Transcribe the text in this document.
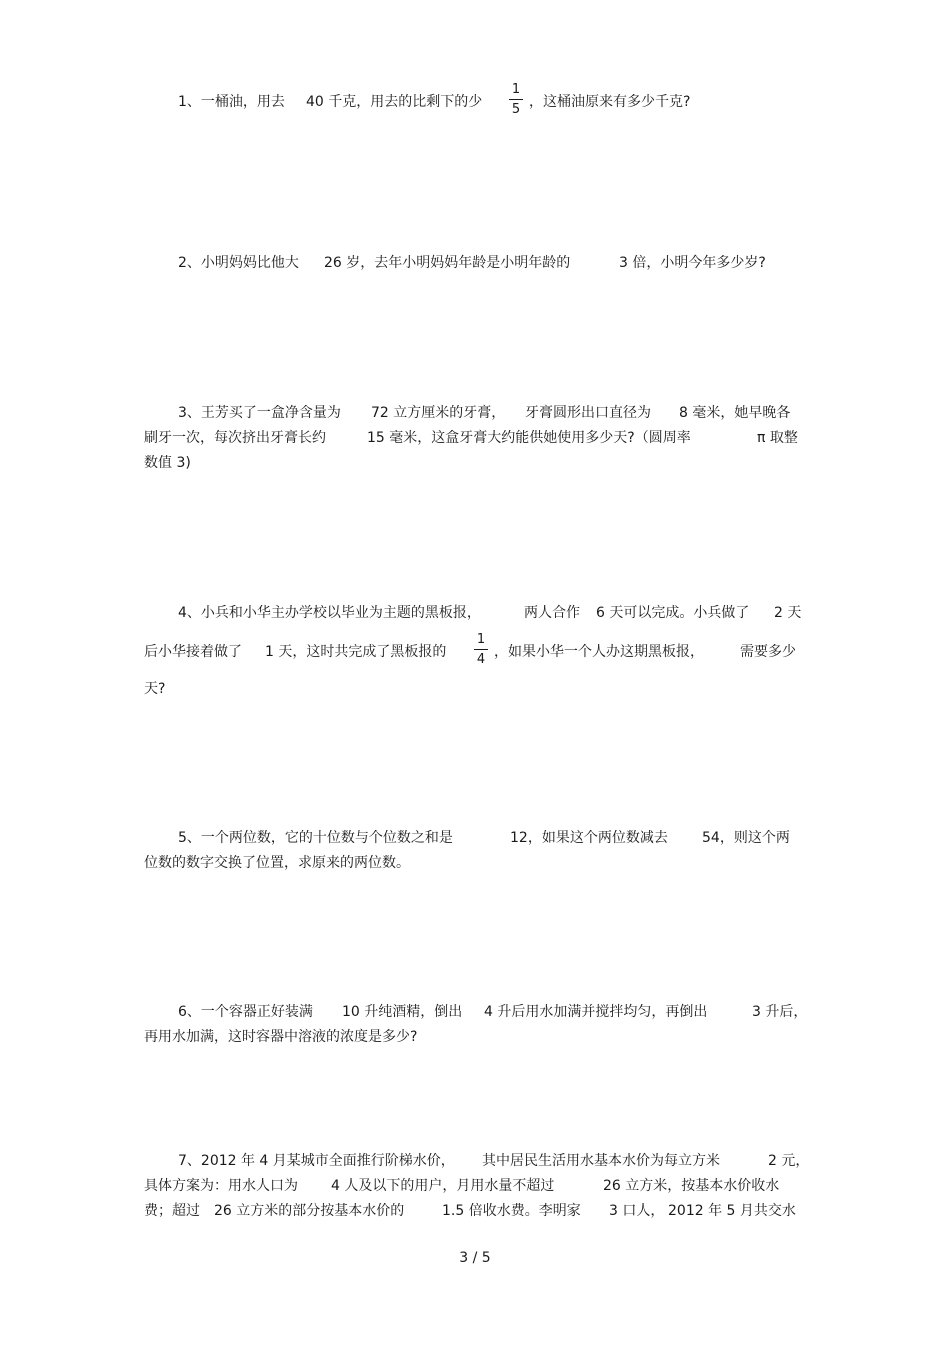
1、一桶油，用去 40 千克，用去的比剩下的少
1
5 ，这桶油原来有多少千克?
2、小明妈妈比他大 26 岁，去年小明妈妈年龄是小明年龄的	3 倍，小明今年多少岁?
3、王芳买了一盒净含量为 72 立方厘米的牙膏， 牙膏圆形出口直径为 8 毫米，她早晚各
刷牙一次，每次挤出牙膏长约	15 毫米，这盒牙膏大约能供她使用多少天?（圆周率	π 取整
数值 3)
4、小兵和小华主办学校以毕业为主题的黑板报，	两人合作 6 天可以完成。小兵做了 2 天
后小华接着做了 1 天，这时共完成了黑板报的
1
4 ，如果小华一个人办这期黑板报，	需要多少
天?
5、一个两位数，它的十位数与个位数之和是	12，如果这个两位数减去 54，则这个两
位数的数字交换了位置，求原来的两位数。
6、一个容器正好装满 10 升纯酒精，倒出 4 升后用水加满并搅拌均匀，再倒出	3 升后，
再用水加满，这时容器中溶液的浓度是多少?
7、2012 年 4 月某城市全面推行阶梯水价， 其中居民生活用水基本水价为每立方米	2 元，
具体方案为：用水人口为 4 人及以下的用户，月用水量不超过	26 立方米，按基本水价收水
费；超过 26 立方米的部分按基本水价的	1.5 倍收水费。李明家 3 口人， 2012 年 5 月共交水
3 / 5
